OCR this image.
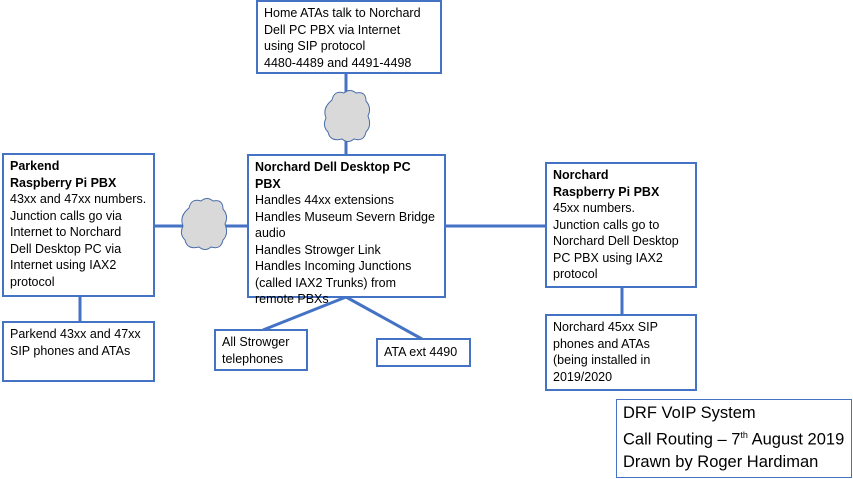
Home ATAs talk to Norchard
Dell PC PBX via Internet
using SIP protocol
4480-4489 and 4491-4498
Norchard Dell Desktop PC PBX
Handles 44xx extensions
Handles Museum Severn Bridge
audio
Handles Strowger Link
Handles Incoming Junctions
(called IAX2 Trunks) from
remote PBXs
Parkend
Raspberry Pi PBX
43xx and 47xx numbers.
Junction calls go via
Internet to Norchard
Dell Desktop PC via
Internet using IAX2
protocol
Parkend 43xx and 47xx
SIP phones and ATAs
Norchard
Raspberry Pi PBX
45xx numbers.
Junction calls go to
Norchard Dell Desktop
PC PBX using IAX2
protocol
Norchard 45xx SIP
phones and ATAs
(being installed in
2019/2020
All Strowger
telephones	ATA ext 4490
DRF VoIP System
Call Routing – 7th August 2019
Drawn by Roger Hardiman
